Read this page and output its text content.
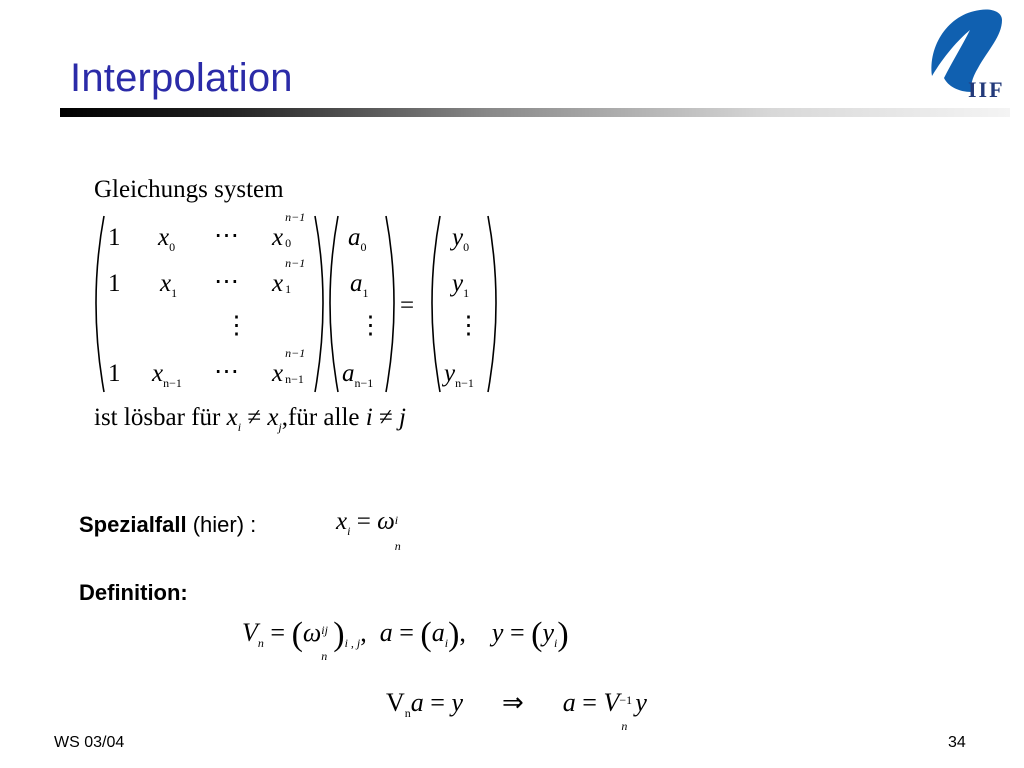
Interpolation	IIF
Gleichungs system
1 $x_0$ ⋯ x
n−1
0
1 $x_1$ ⋯ x
n−1
1
⋮
1 $x_{n-1}$ ⋯ x
n−1
n−1
$a_0$
$a_1$
⋮
$a_{n-1}$
=
$y_0$
$y_1$
⋮
$y_{n-1}$
ist lösbar für $x_i$ ≠ $x_j,für$ alle i ≠ j
Spezialfall (hier) :	$x_i = \omega$ i
n
Definition:
$V_n = (\omega$ ij
n
)$_{i , j}$, $a = (a_i)$, $y = (y_i)$
$V_na = y$ ⇒ a = V −1
n
y
WS 03/04	34
